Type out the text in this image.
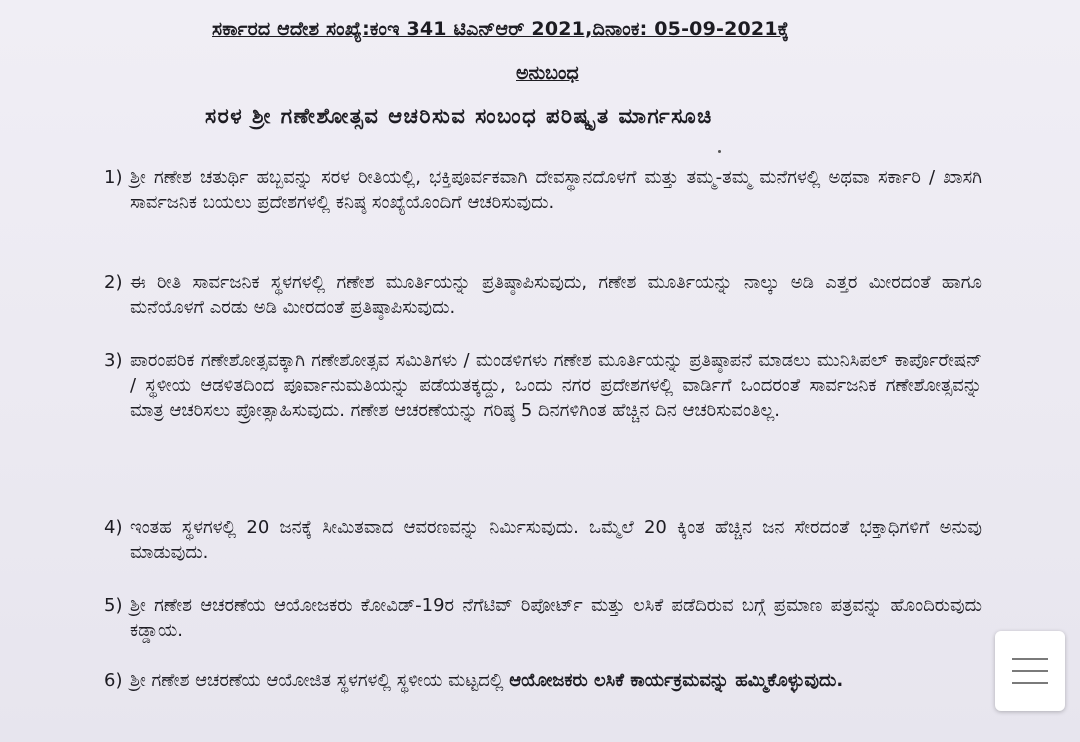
ಸರ್ಕಾರದ ಆದೇಶ ಸಂಖ್ಯೆ:ಕಂಇ 341 ಟಿಎನ್‌ಆರ್ 2021,ದಿನಾಂಕ: 05-09-2021ಕ್ಕೆ
ಅನುಬಂಧ
ಸರಳ ಶ್ರೀ ಗಣೇಶೋತ್ಸವ ಆಚರಿಸುವ ಸಂಬಂಧ ಪರಿಷ್ಕೃತ ಮಾರ್ಗಸೂಚಿ
1) ಶ್ರೀ ಗಣೇಶ ಚತುರ್ಥಿ ಹಬ್ಬವನ್ನು ಸರಳ ರೀತಿಯಲ್ಲಿ, ಭಕ್ತಿಪೂರ್ವಕವಾಗಿ ದೇವಸ್ಥಾನದೊಳಗೆ ಮತ್ತು ತಮ್ಮ-ತಮ್ಮ ಮನೆಗಳಲ್ಲಿ ಅಥವಾ ಸರ್ಕಾರಿ / ಖಾಸಗಿ ಸಾರ್ವಜನಿಕ ಬಯಲು ಪ್ರದೇಶಗಳಲ್ಲಿ ಕನಿಷ್ಠ ಸಂಖ್ಯೆಯೊಂದಿಗೆ ಆಚರಿಸುವುದು.
2) ಈ ರೀತಿ ಸಾರ್ವಜನಿಕ ಸ್ಥಳಗಳಲ್ಲಿ ಗಣೇಶ ಮೂರ್ತಿಯನ್ನು ಪ್ರತಿಷ್ಠಾಪಿಸುವುದು, ಗಣೇಶ ಮೂರ್ತಿಯನ್ನು ನಾಲ್ಕು ಅಡಿ ಎತ್ತರ ಮೀರದಂತೆ ಹಾಗೂ ಮನೆಯೊಳಗೆ ಎರಡು ಅಡಿ ಮೀರದಂತೆ ಪ್ರತಿಷ್ಠಾಪಿಸುವುದು.
3) ಪಾರಂಪರಿಕ ಗಣೇಶೋತ್ಸವಕ್ಕಾಗಿ ಗಣೇಶೋತ್ಸವ ಸಮಿತಿಗಳು / ಮಂಡಳಿಗಳು ಗಣೇಶ ಮೂರ್ತಿಯನ್ನು ಪ್ರತಿಷ್ಠಾಪನೆ ಮಾಡಲು ಮುನಿಸಿಪಲ್ ಕಾರ್ಪೊರೇಷನ್ / ಸ್ಥಳೀಯ ಆಡಳಿತದಿಂದ ಪೂರ್ವಾನುಮತಿಯನ್ನು ಪಡೆಯತಕ್ಕದ್ದು, ಒಂದು ನಗರ ಪ್ರದೇಶಗಳಲ್ಲಿ ವಾರ್ಡಿಗೆ ಒಂದರಂತೆ ಸಾರ್ವಜನಿಕ ಗಣೇಶೋತ್ಸವನ್ನು ಮಾತ್ರ ಆಚರಿಸಲು ಪ್ರೋತ್ಸಾಹಿಸುವುದು. ಗಣೇಶ ಆಚರಣೆಯನ್ನು ಗರಿಷ್ಠ 5 ದಿನಗಳಿಗಿಂತ ಹೆಚ್ಚಿನ ದಿನ ಆಚರಿಸುವಂತಿಲ್ಲ.
4) ಇಂತಹ ಸ್ಥಳಗಳಲ್ಲಿ 20 ಜನಕ್ಕೆ ಸೀಮಿತವಾದ ಆವರಣವನ್ನು ನಿರ್ಮಿಸುವುದು. ಒಮ್ಮೆಲೆ 20 ಕ್ಕಿಂತ ಹೆಚ್ಚಿನ ಜನ ಸೇರದಂತೆ ಭಕ್ತಾಧಿಗಳಿಗೆ ಅನುವು ಮಾಡುವುದು.
5) ಶ್ರೀ ಗಣೇಶ ಆಚರಣೆಯ ಆಯೋಜಕರು ಕೋವಿಡ್-19ರ ನೆಗೆಟಿವ್ ರಿಪೋರ್ಟ್ ಮತ್ತು ಲಸಿಕೆ ಪಡೆದಿರುವ ಬಗ್ಗೆ ಪ್ರಮಾಣ ಪತ್ರವನ್ನು ಹೊಂದಿರುವುದು ಕಡ್ಡಾಯ.
6) ಶ್ರೀ ಗಣೇಶ ಆಚರಣೆಯ ಆಯೋಜಿತ ಸ್ಥಳಗಳಲ್ಲಿ ಸ್ಥಳೀಯ ಮಟ್ಟದಲ್ಲಿ ಆಯೋಜಕರು ಲಸಿಕೆ ಕಾರ್ಯಕ್ರಮವನ್ನು ಹಮ್ಮಿಕೊಳ್ಳುವುದು.
